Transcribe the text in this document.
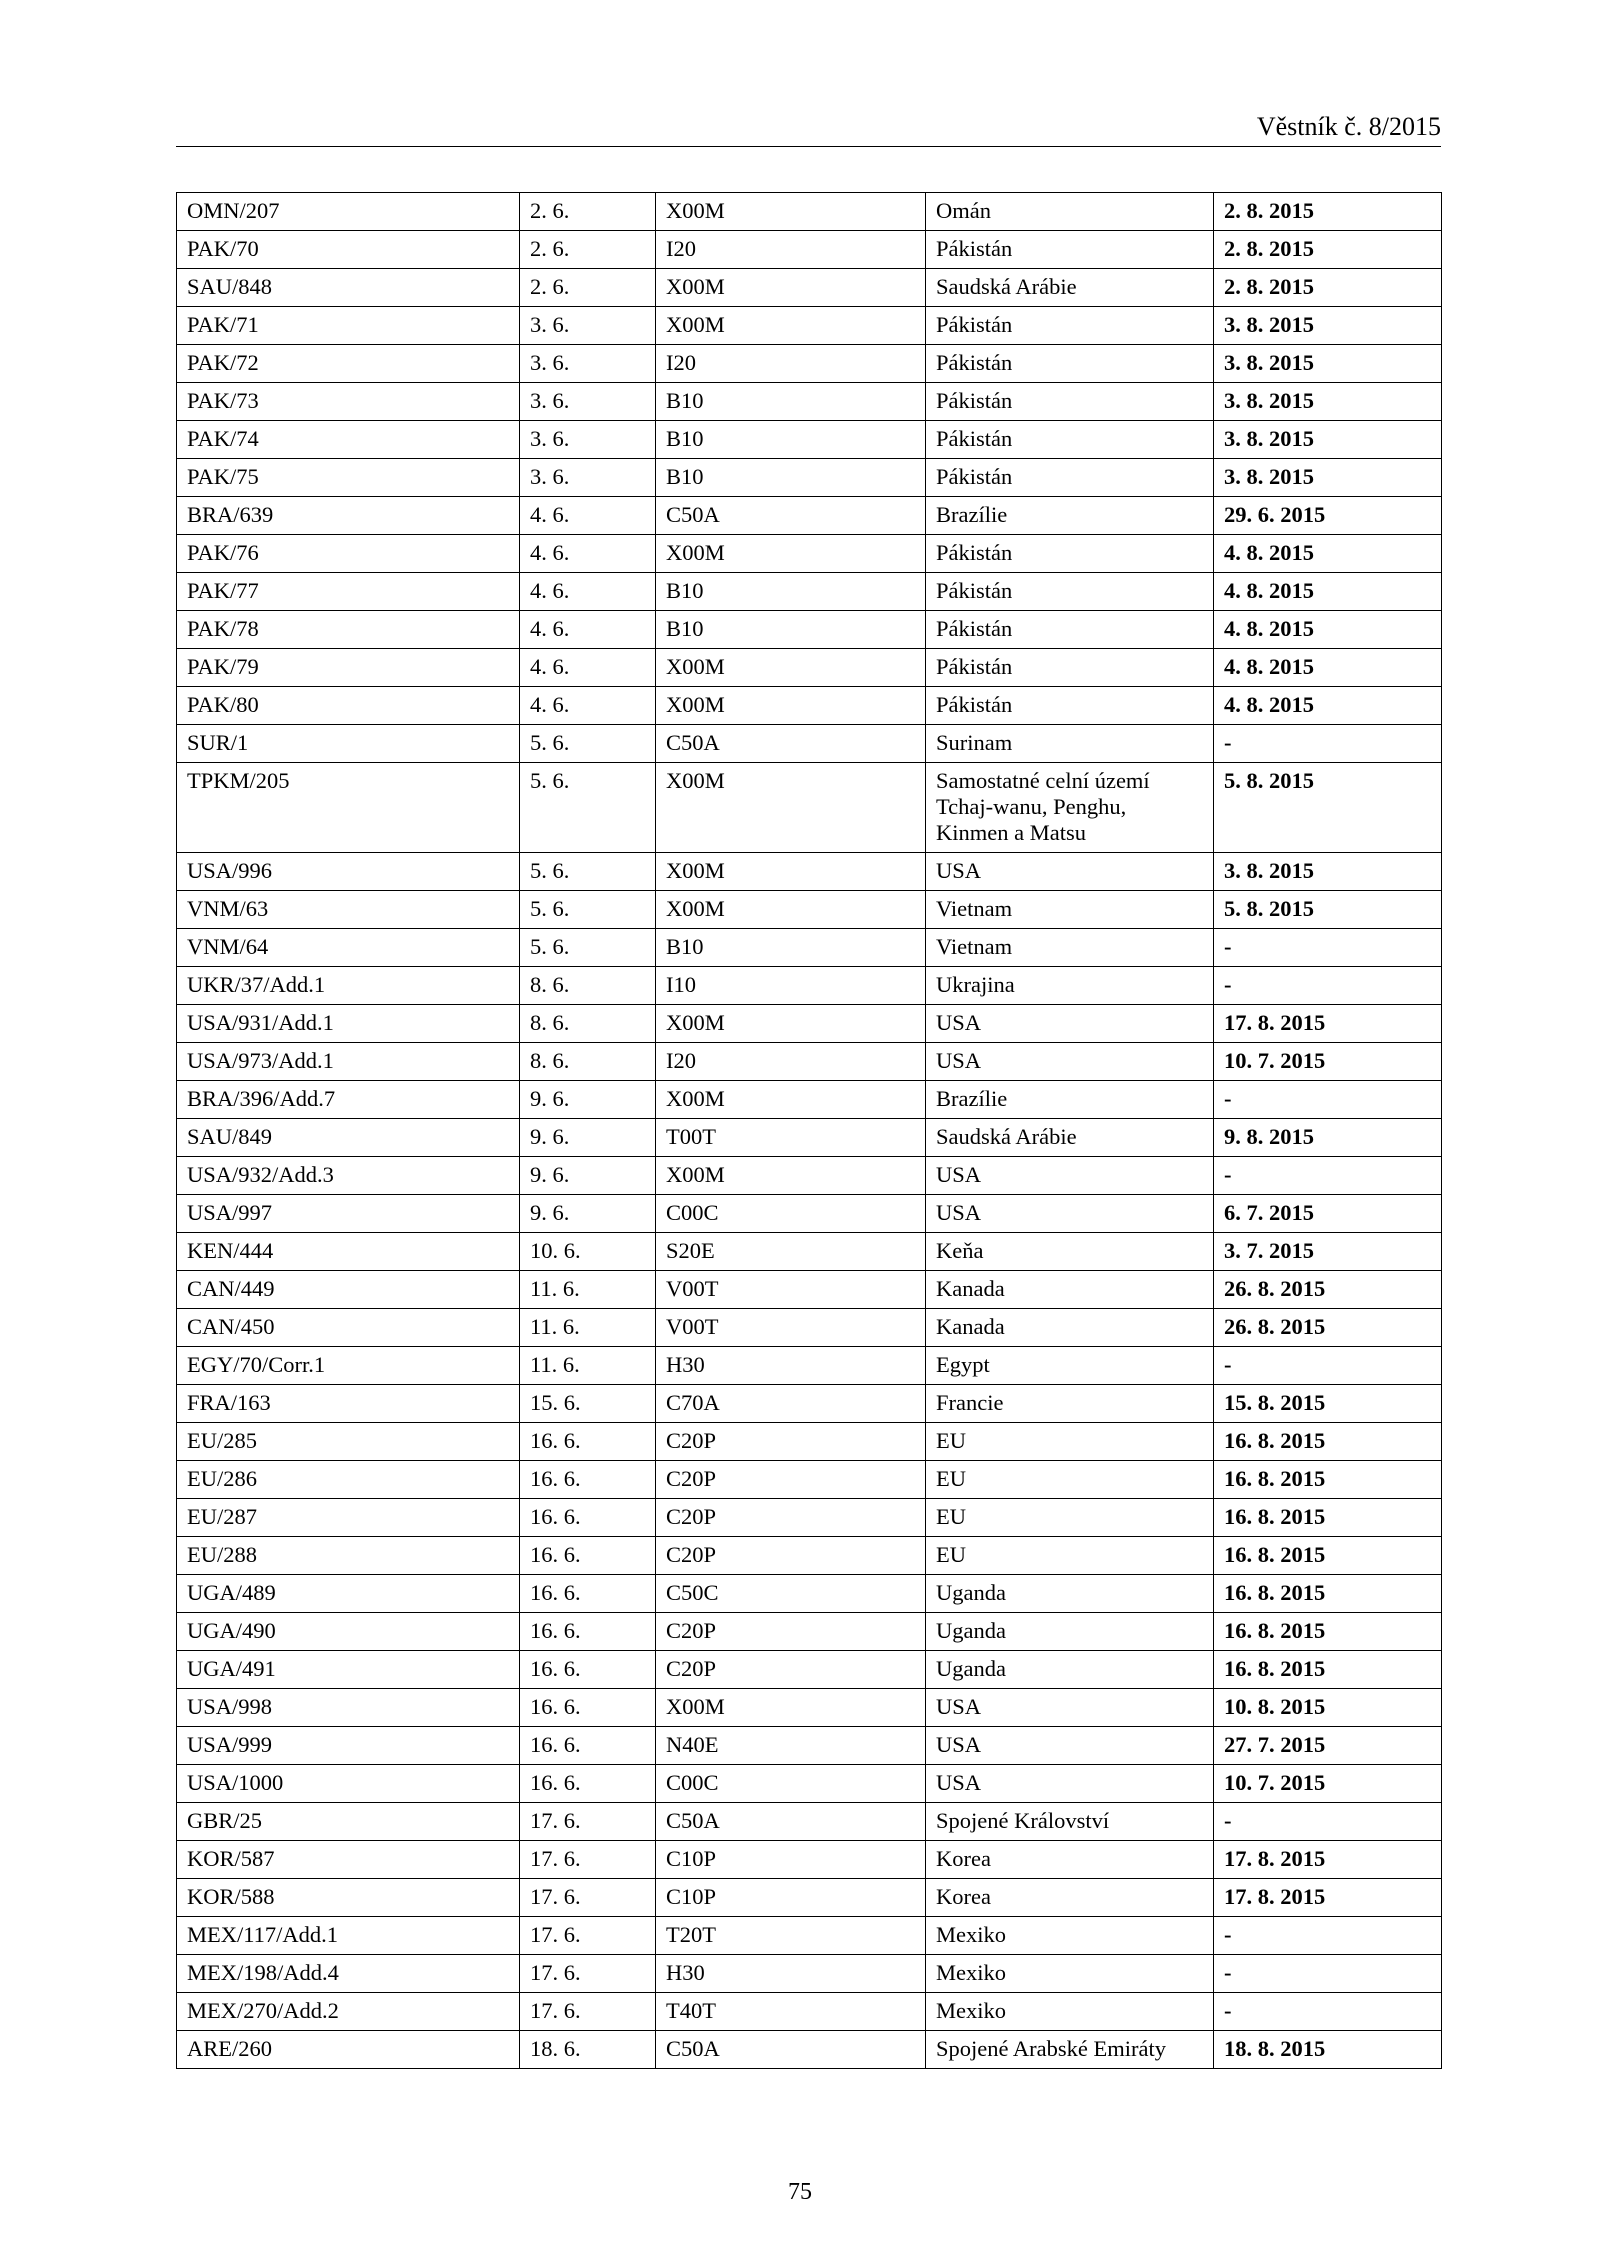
Věstník č. 8/2015
OMN/207	2. 6.	X00M	Omán	2. 8. 2015
PAK/70	2. 6.	I20	Pákistán	2. 8. 2015
SAU/848	2. 6.	X00M	Saudská Arábie	2. 8. 2015
PAK/71	3. 6.	X00M	Pákistán	3. 8. 2015
PAK/72	3. 6.	I20	Pákistán	3. 8. 2015
PAK/73	3. 6.	B10	Pákistán	3. 8. 2015
PAK/74	3. 6.	B10	Pákistán	3. 8. 2015
PAK/75	3. 6.	B10	Pákistán	3. 8. 2015
BRA/639	4. 6.	C50A	Brazílie	29. 6. 2015
PAK/76	4. 6.	X00M	Pákistán	4. 8. 2015
PAK/77	4. 6.	B10	Pákistán	4. 8. 2015
PAK/78	4. 6.	B10	Pákistán	4. 8. 2015
PAK/79	4. 6.	X00M	Pákistán	4. 8. 2015
PAK/80	4. 6.	X00M	Pákistán	4. 8. 2015
SUR/1	5. 6.	C50A	Surinam	-
TPKM/205	5. 6.	X00M	Samostatné celní území Tchaj-wanu, Penghu, Kinmen a Matsu	5. 8. 2015
USA/996	5. 6.	X00M	USA	3. 8. 2015
VNM/63	5. 6.	X00M	Vietnam	5. 8. 2015
VNM/64	5. 6.	B10	Vietnam	-
UKR/37/Add.1	8. 6.	I10	Ukrajina	-
USA/931/Add.1	8. 6.	X00M	USA	17. 8. 2015
USA/973/Add.1	8. 6.	I20	USA	10. 7. 2015
BRA/396/Add.7	9. 6.	X00M	Brazílie	-
SAU/849	9. 6.	T00T	Saudská Arábie	9. 8. 2015
USA/932/Add.3	9. 6.	X00M	USA	-
USA/997	9. 6.	C00C	USA	6. 7. 2015
KEN/444	10. 6.	S20E	Keňa	3. 7. 2015
CAN/449	11. 6.	V00T	Kanada	26. 8. 2015
CAN/450	11. 6.	V00T	Kanada	26. 8. 2015
EGY/70/Corr.1	11. 6.	H30	Egypt	-
FRA/163	15. 6.	C70A	Francie	15. 8. 2015
EU/285	16. 6.	C20P	EU	16. 8. 2015
EU/286	16. 6.	C20P	EU	16. 8. 2015
EU/287	16. 6.	C20P	EU	16. 8. 2015
EU/288	16. 6.	C20P	EU	16. 8. 2015
UGA/489	16. 6.	C50C	Uganda	16. 8. 2015
UGA/490	16. 6.	C20P	Uganda	16. 8. 2015
UGA/491	16. 6.	C20P	Uganda	16. 8. 2015
USA/998	16. 6.	X00M	USA	10. 8. 2015
USA/999	16. 6.	N40E	USA	27. 7. 2015
USA/1000	16. 6.	C00C	USA	10. 7. 2015
GBR/25	17. 6.	C50A	Spojené Království	-
KOR/587	17. 6.	C10P	Korea	17. 8. 2015
KOR/588	17. 6.	C10P	Korea	17. 8. 2015
MEX/117/Add.1	17. 6.	T20T	Mexiko	-
MEX/198/Add.4	17. 6.	H30	Mexiko	-
MEX/270/Add.2	17. 6.	T40T	Mexiko	-
ARE/260	18. 6.	C50A	Spojené Arabské Emiráty	18. 8. 2015
75
